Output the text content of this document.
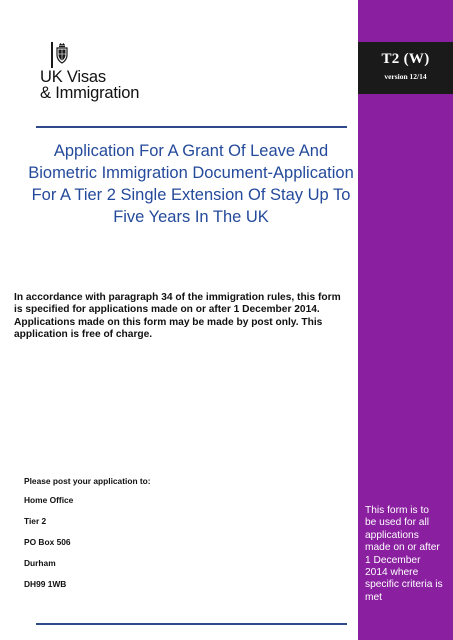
UK Visas
& Immigration
Application For A Grant Of Leave And Biometric Immigration Document-Application For A Tier 2 Single Extension Of Stay Up To Five Years In The UK
In accordance with paragraph 34 of the immigration rules, this form is specified for applications made on or after 1 December 2014. Applications made on this form may be made by post only. This application is free of charge.
Please post your application to:
Home Office
Tier 2
PO Box 506
Durham
DH99 1WB
T2 (W)
version 12/14
This form is to be used for all applications made on or after 1 December 2014 where specific criteria is met
